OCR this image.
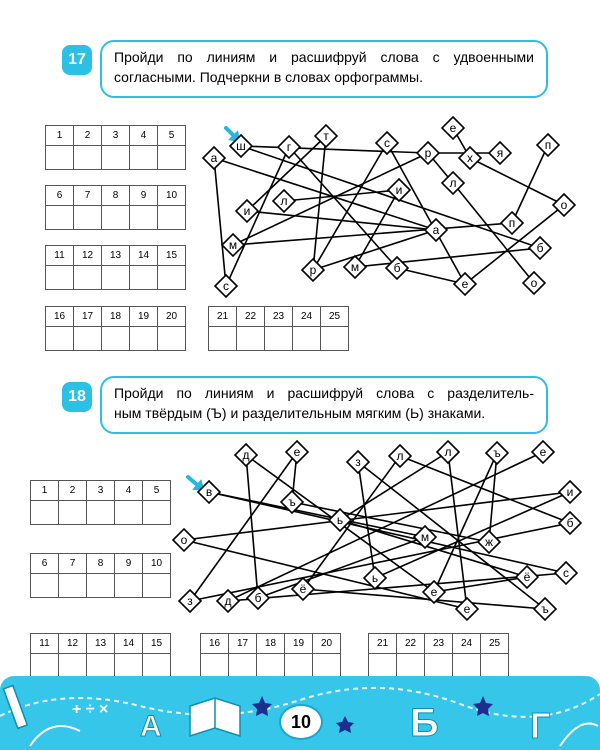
17	Пройди по линиям и расшифруй слова с удвоенными
согласными. Подчеркни в словах орфограммы.
а
ш	г
т	с
р
е
х я
п
л
л
и
и
а	п
о
м	б
р	м	б
с	е	о
1	2	3	4	5

6	7	8	9	10

11	12	13	14	15

16	17	18	19	20
					21	22	23	24	25

18	Пройди по линиям и расшифруй слова с разделитель-
ным твёрдым (Ъ) и разделительным мягким (Ь) знаками.
д	е
з	л	л	ъ	е
в	и
ъ
ь	б
о	м	ж
с
ё
ь	ё
е
з	д б
е	ъ
1	2	3	4	5

6	7	8	9	10

11	12	13	14	15
					16	17	18	19	20
					21	22	23	24	25

+ ÷ ×
А	Б	Г
10
